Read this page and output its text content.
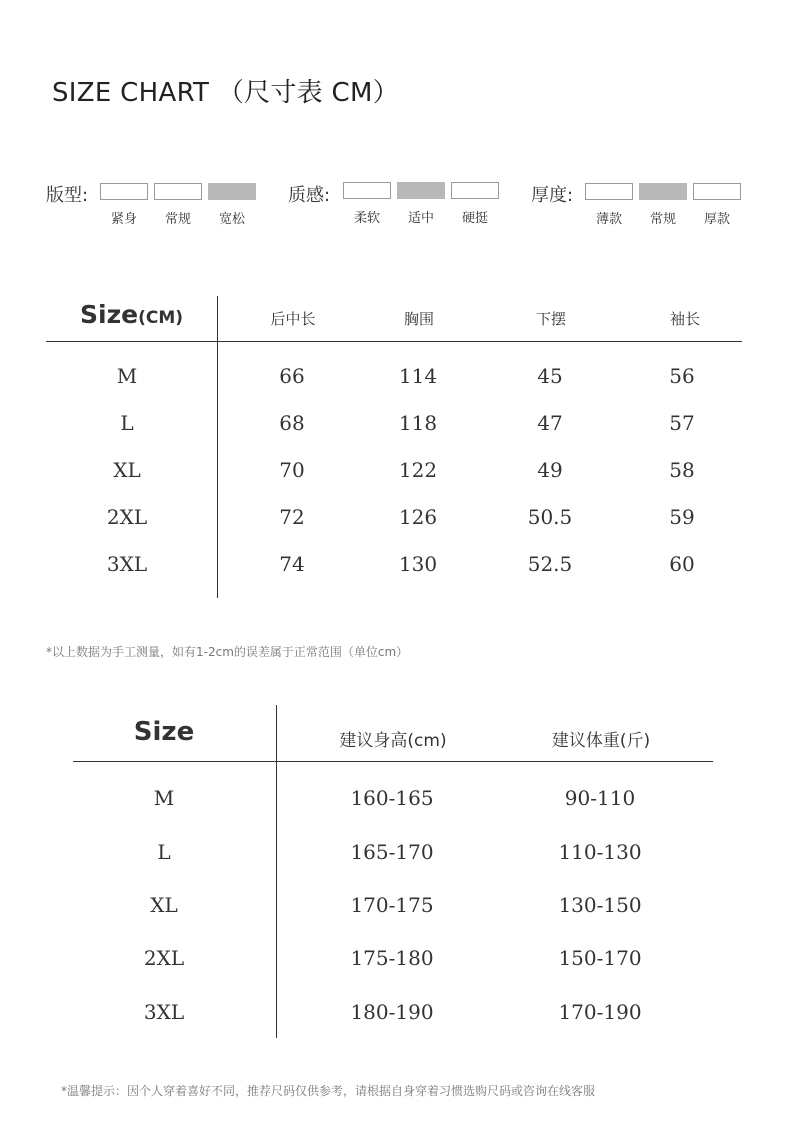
SIZE CHART （尺寸表 CM）
版型:
紧身	常规	宽松
质感:
柔软	适中	硬挺
厚度:
薄款	常规	厚款
Size(CM)	后中长	胸围	下摆	袖长
M	66	114	45	56
L	68	118	47	57
XL	70	122	49	58
2XL	72	126	50.5	59
3XL	74	130	52.5	60
*以上数据为手工测量，如有1-2cm的误差属于正常范围（单位cm）
Size	建议身高(cm)	建议体重(斤)
M	160-165	90-110
L	165-170	110-130
XL	170-175	130-150
2XL	175-180	150-170
3XL	180-190	170-190
*温馨提示：因个人穿着喜好不同，推荐尺码仅供参考，请根据自身穿着习惯选购尺码或咨询在线客服
